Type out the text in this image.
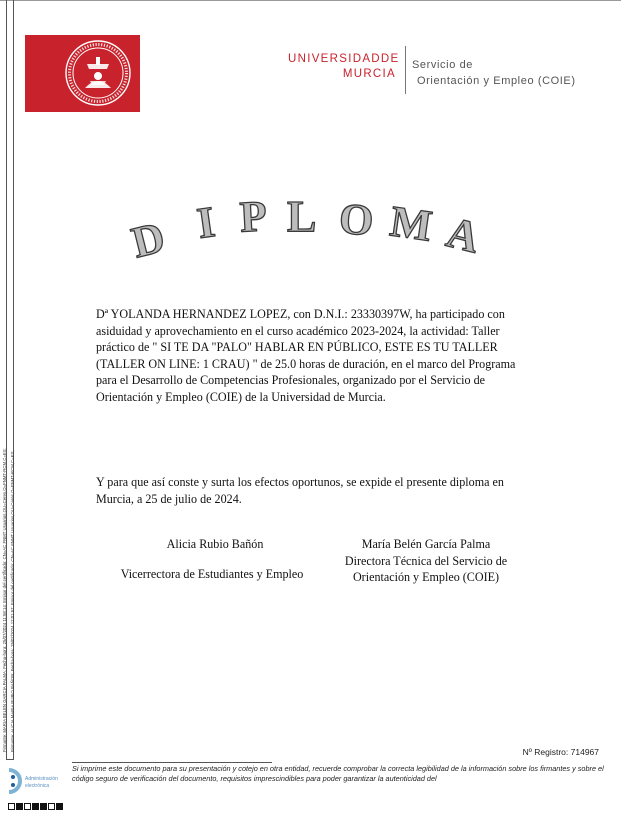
Firmante: MARIA BELEN GARCIA PALMA; Fecha-hora: 25/07/2024 11:58:14; Emisor del certificado: CN=AC FNMT Usuarios,OU=Ceres,O=FNMT-RCM,C=ES; Firmante: ALICIA MARIA RUBIO BAÑON; Fecha-hora: 25/07/2024 12:01:57; Emisor del certificado: CN=AC FNMT Usuarios,OU=Ceres,O=FNMT-RCM,C=ES;
UNIVERSIDAD DE
MURCIA
Servicio de
Orientación y Empleo (COIE)
D I P L O M A

Dª YOLANDA HERNANDEZ LOPEZ, con D.N.I.: 23330397W, ha participado con asiduidad y aprovechamiento en el curso académico 2023-2024, la actividad: Taller práctico de " SI TE DA "PALO" HABLAR EN PÚBLICO, ESTE ES TU TALLER (TALLER ON LINE: 1 CRAU) " de 25.0 horas de duración, en el marco del Programa para el Desarrollo de Competencias Profesionales, organizado por el Servicio de Orientación y Empleo (COIE) de la Universidad de Murcia.

Y para que así conste y surta los efectos oportunos, se expide el presente diploma en Murcia, a 25 de julio de 2024.

Alicia Rubio Bañón
Vicerrectora de Estudiantes y Empleo
María Belén García Palma
Directora Técnica del Servicio de
Orientación y Empleo (COIE)
Nº Registro: 714967

Si imprime este documento para su presentación y cotejo en otra entidad, recuerde comprobar la correcta legibilidad de la información sobre los firmantes y sobre el código seguro de verificación del documento, requisitos imprescindibles para poder garantizar la autenticidad del

Administración
electrónica
